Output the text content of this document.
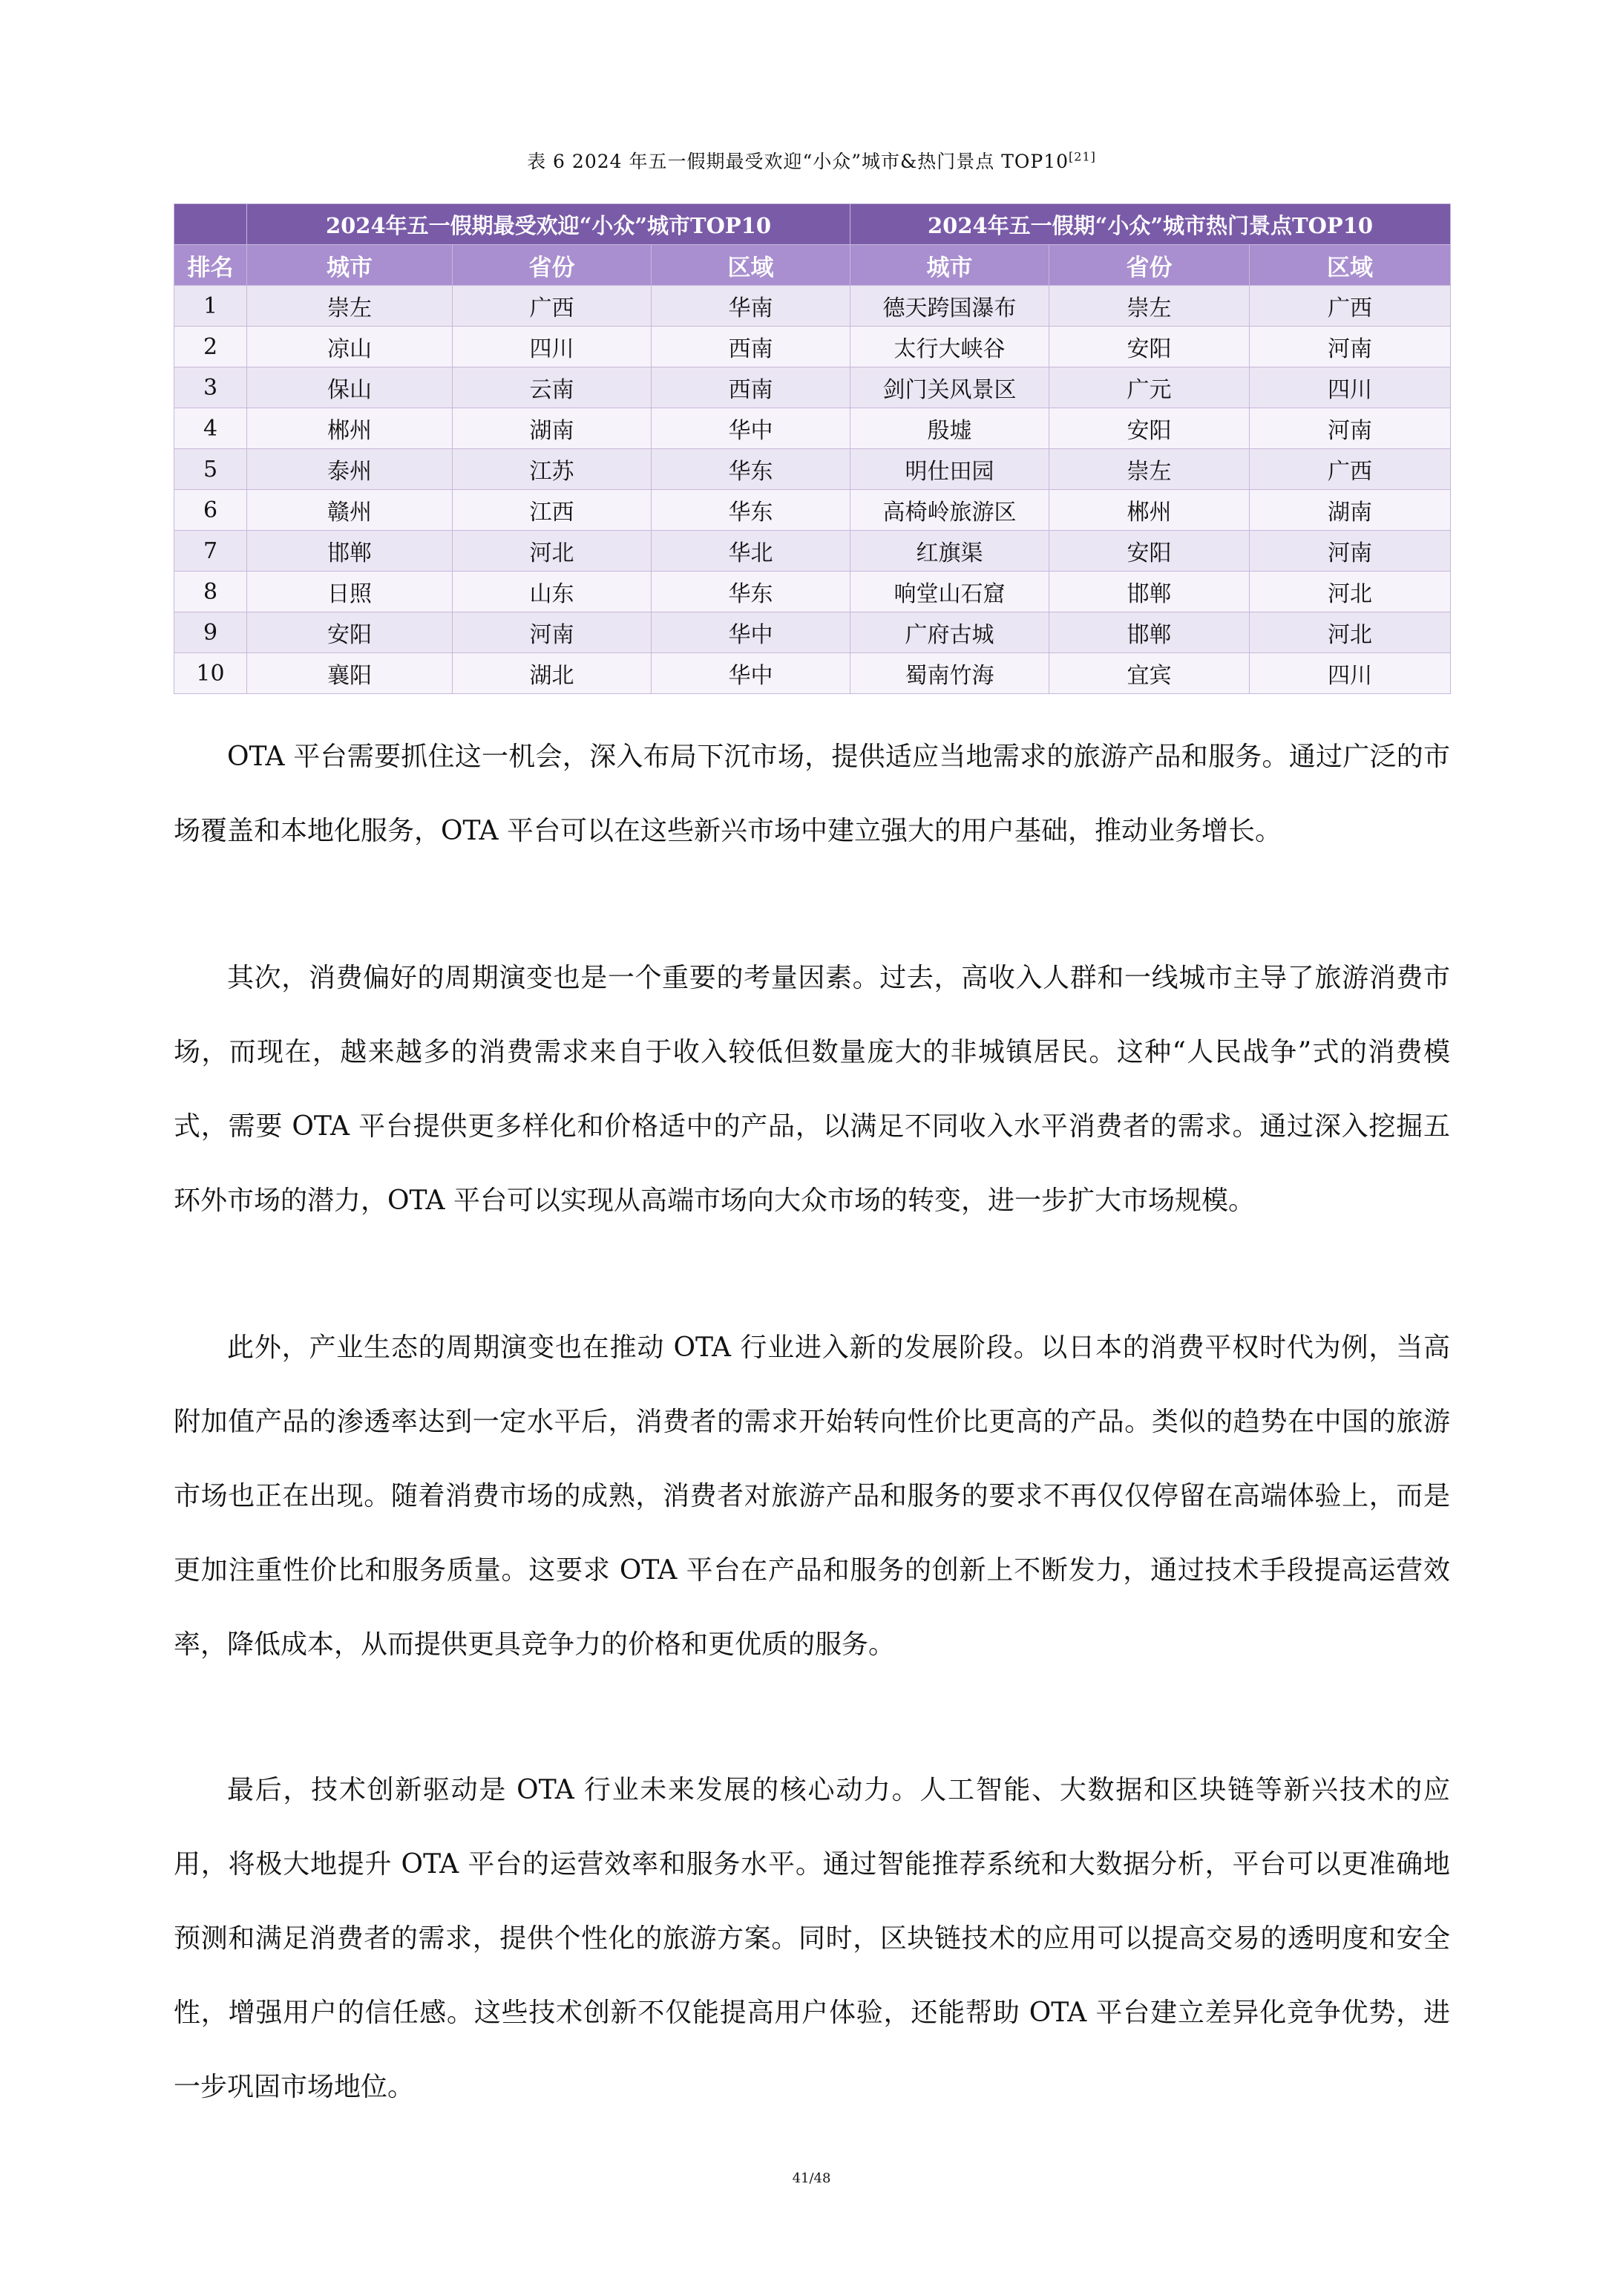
表 6 2024 年五一假期最受欢迎“小众”城市&热门景点 TOP10[21]
	2024年五一假期最受欢迎“小众”城市TOP10			2024年五一假期“小众”城市热门景点TOP10		
排名	城市	省份	区域	城市	省份	区域
1	崇左	广西	华南	德天跨国瀑布	崇左	广西
2	凉山	四川	西南	太行大峡谷	安阳	河南
3	保山	云南	西南	剑门关风景区	广元	四川
4	郴州	湖南	华中	殷墟	安阳	河南
5	泰州	江苏	华东	明仕田园	崇左	广西
6	赣州	江西	华东	高椅岭旅游区	郴州	湖南
7	邯郸	河北	华北	红旗渠	安阳	河南
8	日照	山东	华东	响堂山石窟	邯郸	河北
9	安阳	河南	华中	广府古城	邯郸	河北
10	襄阳	湖北	华中	蜀南竹海	宜宾	四川

OTA 平台需要抓住这一机会，深入布局下沉市场，提供适应当地需求的旅游产品和服务。通过广泛的市场覆盖和本地化服务，OTA 平台可以在这些新兴市场中建立强大的用户基础，推动业务增长。

其次，消费偏好的周期演变也是一个重要的考量因素。过去，高收入人群和一线城市主导了旅游消费市场，而现在，越来越多的消费需求来自于收入较低但数量庞大的非城镇居民。这种“人民战争”式的消费模式，需要 OTA 平台提供更多样化和价格适中的产品，以满足不同收入水平消费者的需求。通过深入挖掘五环外市场的潜力，OTA 平台可以实现从高端市场向大众市场的转变，进一步扩大市场规模。

此外，产业生态的周期演变也在推动 OTA 行业进入新的发展阶段。以日本的消费平权时代为例，当高附加值产品的渗透率达到一定水平后，消费者的需求开始转向性价比更高的产品。类似的趋势在中国的旅游市场也正在出现。随着消费市场的成熟，消费者对旅游产品和服务的要求不再仅仅停留在高端体验上，而是更加注重性价比和服务质量。这要求 OTA 平台在产品和服务的创新上不断发力，通过技术手段提高运营效率，降低成本，从而提供更具竞争力的价格和更优质的服务。

最后，技术创新驱动是 OTA 行业未来发展的核心动力。人工智能、大数据和区块链等新兴技术的应用，将极大地提升 OTA 平台的运营效率和服务水平。通过智能推荐系统和大数据分析，平台可以更准确地预测和满足消费者的需求，提供个性化的旅游方案。同时，区块链技术的应用可以提高交易的透明度和安全性，增强用户的信任感。这些技术创新不仅能提高用户体验，还能帮助 OTA 平台建立差异化竞争优势，进一步巩固市场地位。

41/48
